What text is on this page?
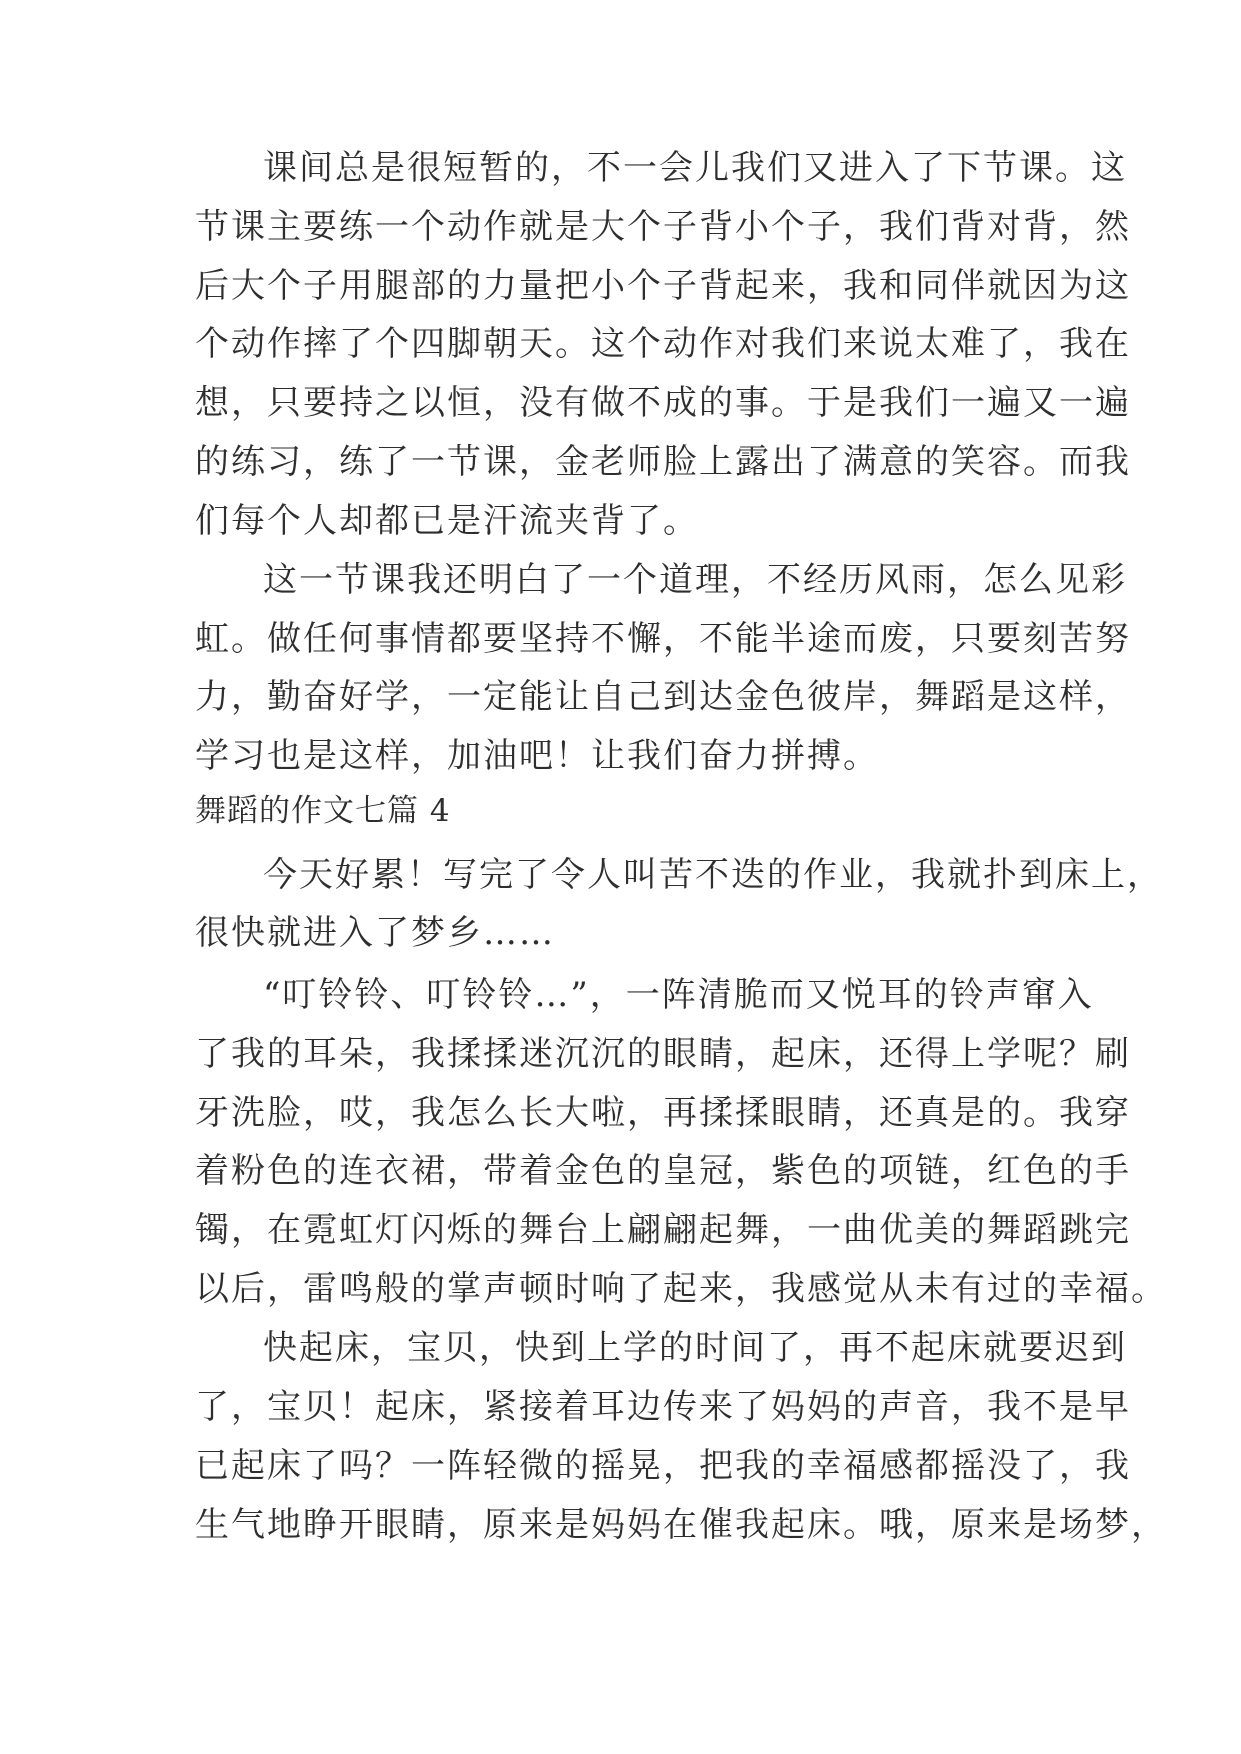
课间总是很短暂的，不一会儿我们又进入了下节课。这
节课主要练一个动作就是大个子背小个子，我们背对背，然
后大个子用腿部的力量把小个子背起来，我和同伴就因为这
个动作摔了个四脚朝天。这个动作对我们来说太难了，我在
想，只要持之以恒，没有做不成的事。于是我们一遍又一遍
的练习，练了一节课，金老师脸上露出了满意的笑容。而我
们每个人却都已是汗流夹背了。
这一节课我还明白了一个道理，不经历风雨，怎么见彩
虹。做任何事情都要坚持不懈，不能半途而废，只要刻苦努
力，勤奋好学，一定能让自己到达金色彼岸，舞蹈是这样，
学习也是这样，加油吧！让我们奋力拼搏。
舞蹈的作文七篇 4
今天好累！写完了令人叫苦不迭的作业，我就扑到床上，
很快就进入了梦乡……
“叮铃铃、叮铃铃…”，一阵清脆而又悦耳的铃声窜入
了我的耳朵，我揉揉迷沉沉的眼睛，起床，还得上学呢？刷
牙洗脸，哎，我怎么长大啦，再揉揉眼睛，还真是的。我穿
着粉色的连衣裙，带着金色的皇冠，紫色的项链，红色的手
镯，在霓虹灯闪烁的舞台上翩翩起舞，一曲优美的舞蹈跳完
以后，雷鸣般的掌声顿时响了起来，我感觉从未有过的幸福。
快起床，宝贝，快到上学的时间了，再不起床就要迟到
了，宝贝！起床，紧接着耳边传来了妈妈的声音，我不是早
已起床了吗？一阵轻微的摇晃，把我的幸福感都摇没了，我
生气地睁开眼睛，原来是妈妈在催我起床。哦，原来是场梦，
